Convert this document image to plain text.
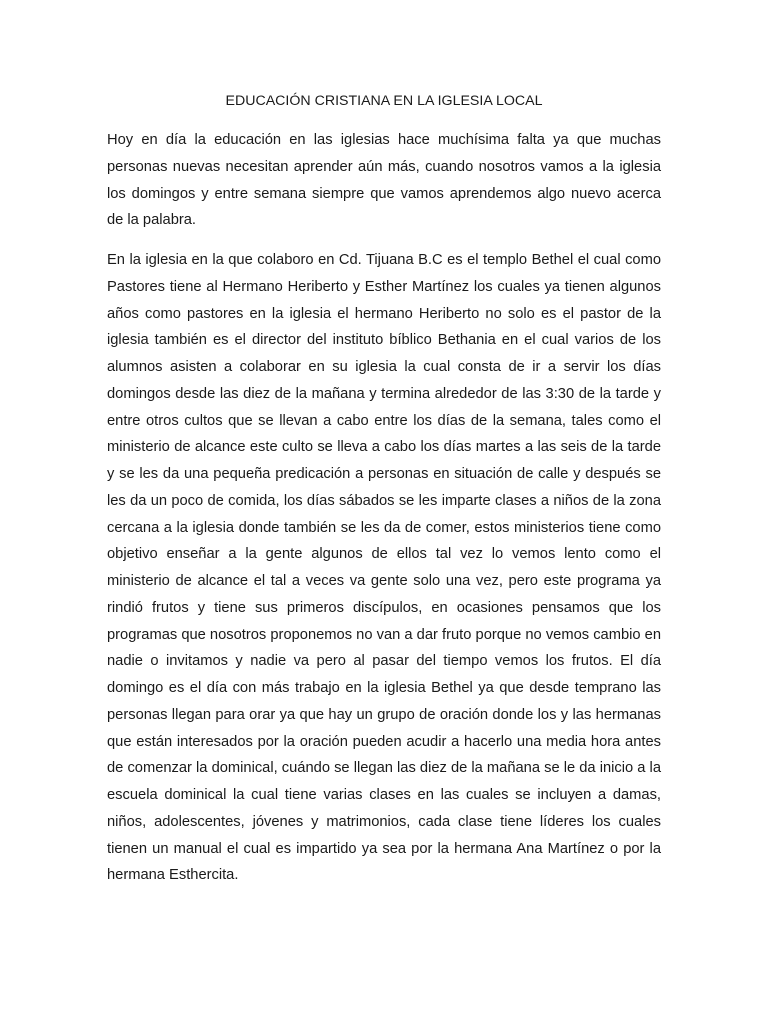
EDUCACIÓN CRISTIANA EN LA IGLESIA LOCAL

Hoy en día la educación en las iglesias hace muchísima falta ya que muchas personas nuevas necesitan aprender aún más, cuando nosotros vamos a la iglesia los domingos y entre semana siempre que vamos aprendemos algo nuevo acerca de la palabra.

En la iglesia en la que colaboro en Cd. Tijuana B.C es el templo Bethel el cual como Pastores tiene al Hermano Heriberto y Esther Martínez los cuales ya tienen algunos años como pastores en la iglesia el hermano Heriberto no solo es el pastor de la iglesia también es el director del instituto bíblico Bethania en el cual varios de los alumnos asisten a colaborar en su iglesia la cual consta de ir a servir los días domingos desde las diez de la mañana y termina alrededor de las 3:30 de la tarde y entre otros cultos que se llevan a cabo entre los días de la semana, tales como el ministerio de alcance este culto se lleva a cabo los días martes a las seis de la tarde y se les da una pequeña predicación a personas en situación de calle y después se les da un poco de comida, los días sábados se les imparte clases a niños de la zona cercana a la iglesia donde también se les da de comer, estos ministerios tiene como objetivo enseñar a la gente algunos de ellos tal vez lo vemos lento como el ministerio de alcance el tal a veces va gente solo una vez, pero este programa ya rindió frutos y tiene sus primeros discípulos, en ocasiones pensamos que los programas que nosotros proponemos no van a dar fruto porque no vemos cambio en nadie o invitamos y nadie va pero al pasar del tiempo vemos los frutos. El día domingo es el día con más trabajo en la iglesia Bethel ya que desde temprano las personas llegan para orar ya que hay un grupo de oración donde los y las hermanas que están interesados por la oración pueden acudir a hacerlo una media hora antes de comenzar la dominical, cuándo se llegan las diez de la mañana se le da inicio a la escuela dominical la cual tiene varias clases en las cuales se incluyen a damas, niños, adolescentes, jóvenes y matrimonios, cada clase tiene líderes los cuales tienen un manual el cual es impartido ya sea por la hermana Ana Martínez o por la hermana Esthercita.
